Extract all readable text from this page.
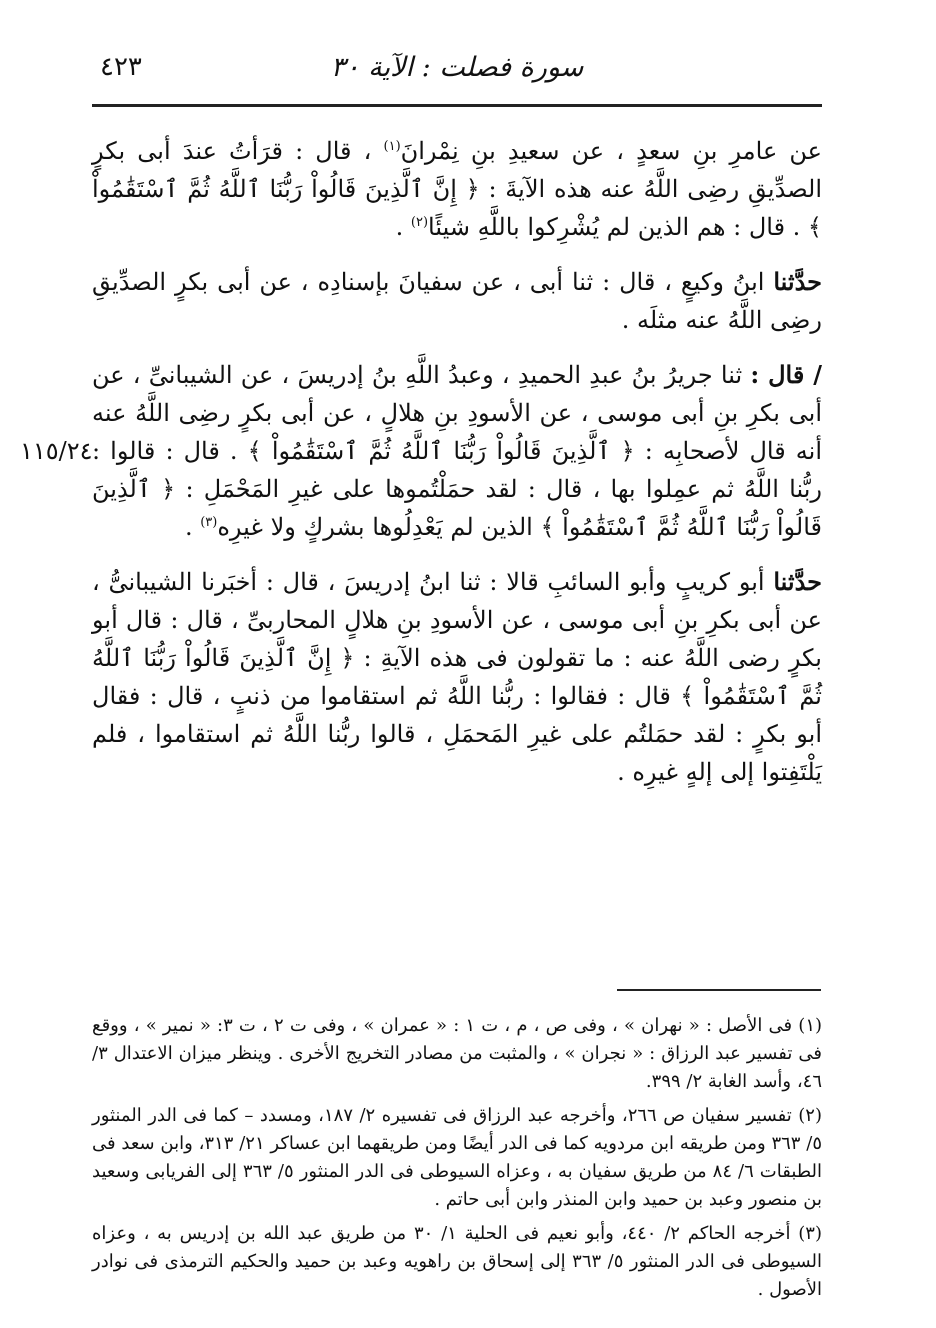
سورة فصلت : الآية ٣٠
٤٢٣
١١٥/٢٤

عن عامرِ بنِ سعدٍ ، عن سعيدِ بنِ نِمْرانَ$^{(١)}$ ، قال : قرَأتُ عندَ أبى بكرٍ الصدِّيقِ رضِى اللَّهُ عنه هذه الآيةَ : ﴿ إِنَّ ٱلَّذِينَ قَالُواْ رَبُّنَا ٱللَّهُ ثُمَّ ٱسْتَقَٰمُواْ ﴾ . قال : هم الذين لم يُشْرِكوا باللَّهِ شيئًا$^{(٢)}$ .

حدَّثنا ابنُ وكيعٍ ، قال : ثنا أبى ، عن سفيانَ بإسنادِه ، عن أبى بكرٍ الصدِّيقِ رضِى اللَّهُ عنه مثلَه .

/ قال : ثنا جريرُ بنُ عبدِ الحميدِ ، وعبدُ اللَّهِ بنُ إدريسَ ، عن الشيبانىِّ ، عن أبى بكرِ بنِ أبى موسى ، عن الأسودِ بنِ هلالٍ ، عن أبى بكرٍ رضِى اللَّهُ عنه أنه قال لأصحابِه : ﴿ ٱلَّذِينَ قَالُواْ رَبُّنَا ٱللَّهُ ثُمَّ ٱسْتَقَٰمُواْ ﴾ . قال : قالوا : ربُّنا اللَّهُ ثم عمِلوا بها ، قال : لقد حمَلْتُموها على غيرِ المَحْمَلِ : ﴿ ٱلَّذِينَ قَالُواْ رَبُّنَا ٱللَّهُ ثُمَّ ٱسْتَقَٰمُواْ ﴾ الذين لم يَعْدِلُوها بشركٍ ولا غيرِه$^{(٣)}$ .

حدَّثنا أبو كريبٍ وأبو السائبِ قالا : ثنا ابنُ إدريسَ ، قال : أخبَرنا الشيبانىُّ ، عن أبى بكرِ بنِ أبى موسى ، عن الأسودِ بنِ هلالٍ المحاربىِّ ، قال : قال أبو بكرٍ رضى اللَّهُ عنه : ما تقولون فى هذه الآيةِ : ﴿ إِنَّ ٱلَّذِينَ قَالُواْ رَبُّنَا ٱللَّهُ ثُمَّ ٱسْتَقَٰمُواْ ﴾ قال : فقالوا : ربُّنا اللَّهُ ثم استقاموا من ذنبٍ ، قال : فقال أبو بكرٍ : لقد حمَلتُم على غيرِ المَحمَلِ ، قالوا ربُّنا اللَّهُ ثم استقاموا ، فلم يَلْتَفِتوا إلى إلهٍ غيرِه .

(١) فى الأصل : « نهران » ، وفى ص ، م ، ت ١ : « عمران » ، وفى ت ٢ ، ت ٣: « نمير » ، ووقع فى تفسير عبد الرزاق : « نجران » ، والمثبت من مصادر التخريج الأخرى . وينظر ميزان الاعتدال ٣/ ٤٦، وأسد الغابة ٢/ ٣٩٩.

(٢) تفسير سفيان ص ٢٦٦، وأخرجه عبد الرزاق فى تفسيره ٢/ ١٨٧، ومسدد – كما فى الدر المنثور ٥/ ٣٦٣ ومن طريقه ابن مردويه كما فى الدر أيضًا ومن طريقهما ابن عساكر ٢١/ ٣١٣، وابن سعد فى الطبقات ٦/ ٨٤ من طريق سفيان به ، وعزاه السيوطى فى الدر المنثور ٥/ ٣٦٣ إلى الفريابى وسعيد بن منصور وعبد بن حميد وابن المنذر وابن أبى حاتم .

(٣) أخرجه الحاكم ٢/ ٤٤٠، وأبو نعيم فى الحلية ١/ ٣٠ من طريق عبد الله بن إدريس به ، وعزاه السيوطى فى الدر المنثور ٥/ ٣٦٣ إلى إسحاق بن راهويه وعبد بن حميد والحكيم الترمذى فى نوادر الأصول .
